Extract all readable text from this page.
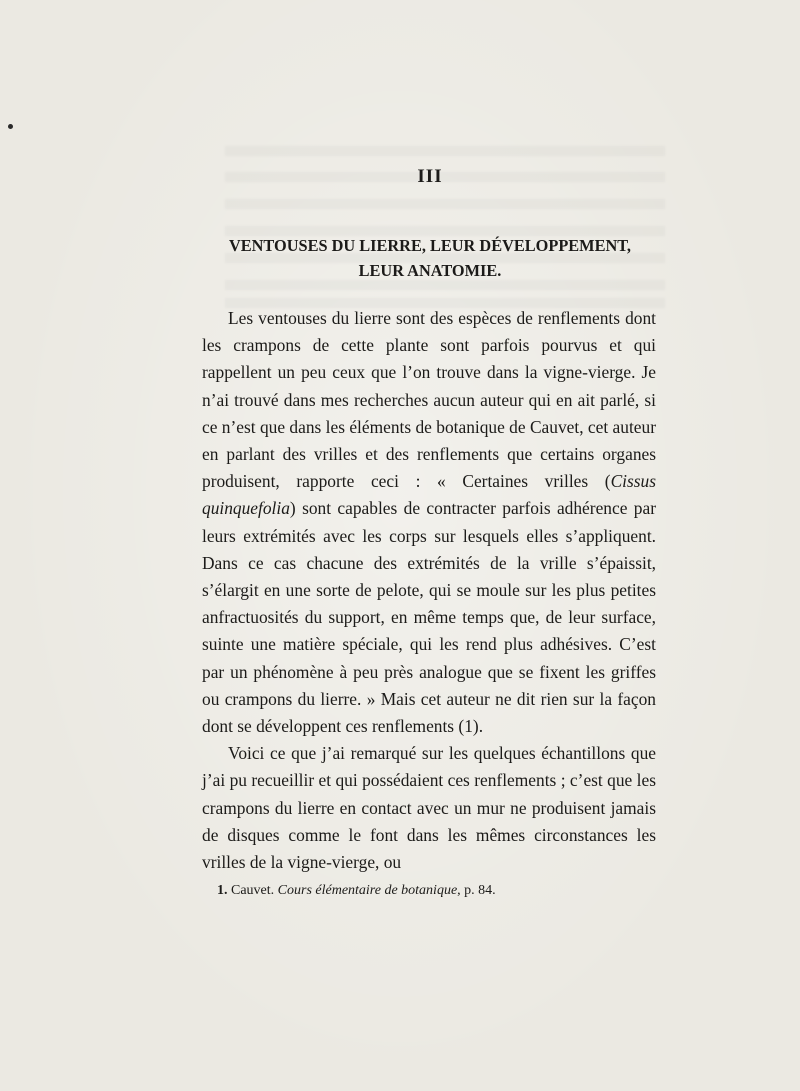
III
VENTOUSES DU LIERRE, LEUR DÉVELOPPEMENT, LEUR ANATOMIE.

Les ventouses du lierre sont des espèces de renflements dont les crampons de cette plante sont parfois pourvus et qui rappellent un peu ceux que l’on trouve dans la vigne-vierge. Je n’ai trouvé dans mes recherches aucun auteur qui en ait parlé, si ce n’est que dans les éléments de botanique de Cauvet, cet auteur en parlant des vrilles et des renflements que certains organes produisent, rapporte ceci : « Certaines vrilles (Cissus quinquefolia) sont capables de contracter parfois adhérence par leurs extrémités avec les corps sur lesquels elles s’appliquent. Dans ce cas chacune des extrémités de la vrille s’épaissit, s’élargit en une sorte de pelote, qui se moule sur les plus petites anfractuosités du support, en même temps que, de leur surface, suinte une matière spéciale, qui les rend plus adhésives. C’est par un phénomène à peu près analogue que se fixent les griffes ou crampons du lierre. » Mais cet auteur ne dit rien sur la façon dont se développent ces renflements (1).

Voici ce que j’ai remarqué sur les quelques échantillons que j’ai pu recueillir et qui possédaient ces renflements ; c’est que les crampons du lierre en contact avec un mur ne produisent jamais de disques comme le font dans les mêmes circonstances les vrilles de la vigne-vierge, ou

1. Cauvet. Cours élémentaire de botanique, p. 84.
